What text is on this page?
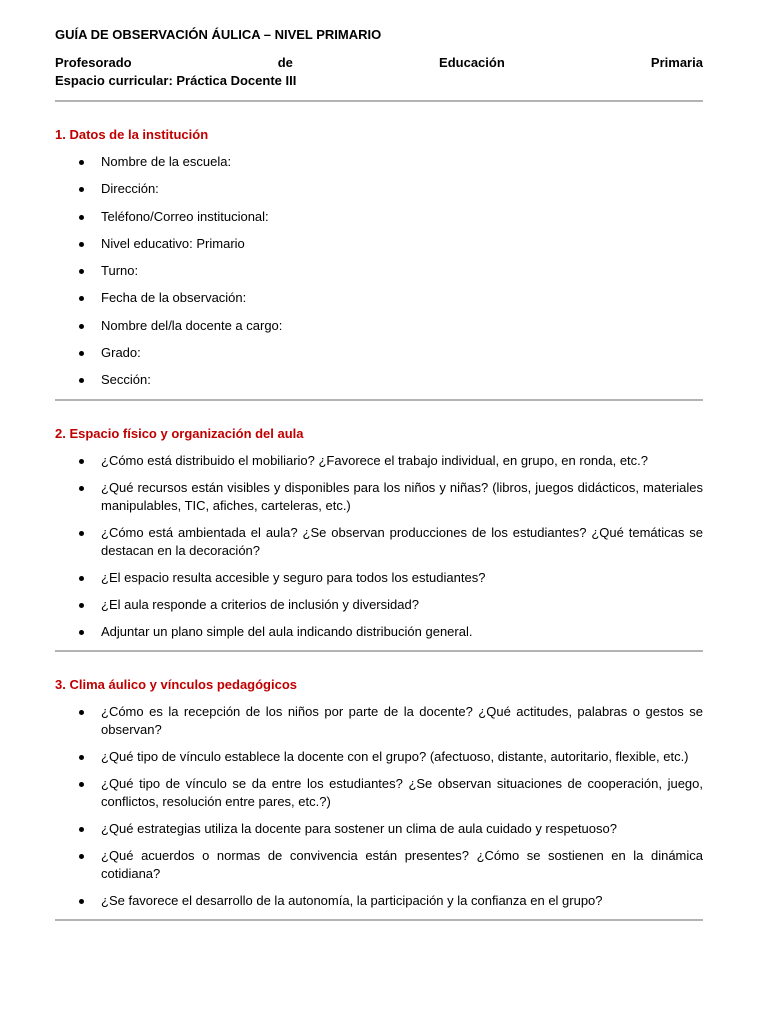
GUÍA DE OBSERVACIÓN ÁULICA – NIVEL PRIMARIO
Profesorado	de	Educación	Primaria
Espacio curricular: Práctica Docente III
1. Datos de la institución
Nombre de la escuela:
Dirección:
Teléfono/Correo institucional:
Nivel educativo: Primario
Turno:
Fecha de la observación:
Nombre del/la docente a cargo:
Grado:
Sección:
2. Espacio físico y organización del aula
¿Cómo está distribuido el mobiliario? ¿Favorece el trabajo individual, en grupo, en ronda, etc.?
¿Qué recursos están visibles y disponibles para los niños y niñas? (libros, juegos didácticos, materiales manipulables, TIC, afiches, carteleras, etc.)
¿Cómo está ambientada el aula? ¿Se observan producciones de los estudiantes? ¿Qué temáticas se destacan en la decoración?
¿El espacio resulta accesible y seguro para todos los estudiantes?
¿El aula responde a criterios de inclusión y diversidad?
Adjuntar un plano simple del aula indicando distribución general.
3. Clima áulico y vínculos pedagógicos
¿Cómo es la recepción de los niños por parte de la docente? ¿Qué actitudes, palabras o gestos se observan?
¿Qué tipo de vínculo establece la docente con el grupo? (afectuoso, distante, autoritario, flexible, etc.)
¿Qué tipo de vínculo se da entre los estudiantes? ¿Se observan situaciones de cooperación, juego, conflictos, resolución entre pares, etc.?)
¿Qué estrategias utiliza la docente para sostener un clima de aula cuidado y respetuoso?
¿Qué acuerdos o normas de convivencia están presentes? ¿Cómo se sostienen en la dinámica cotidiana?
¿Se favorece el desarrollo de la autonomía, la participación y la confianza en el grupo?
